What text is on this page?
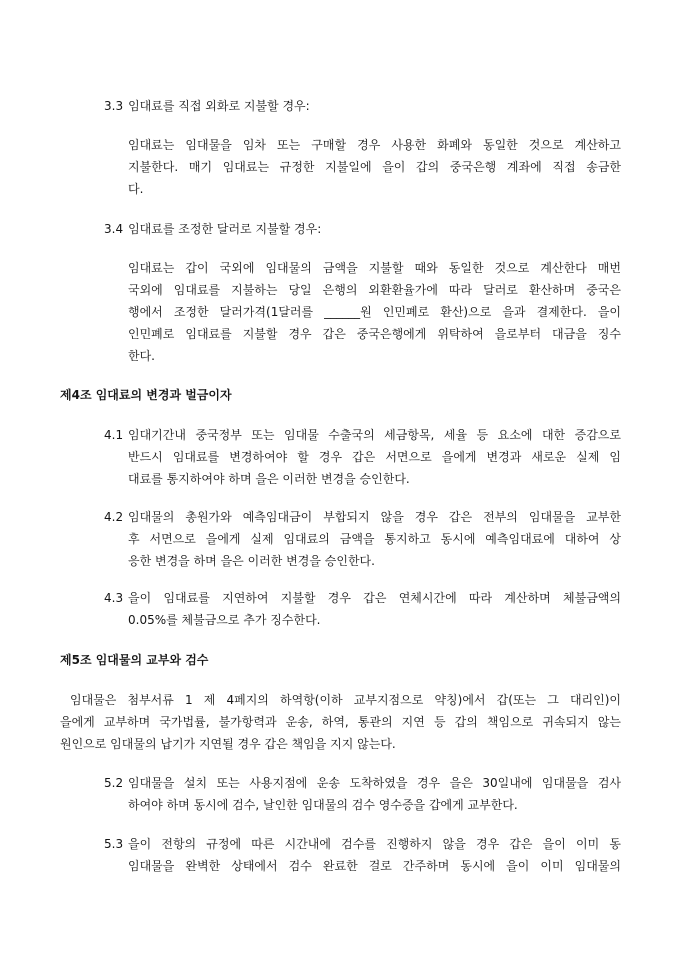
3.3 임대료를 직접 외화로 지불할 경우:
임대료는 임대물을 임차 또는 구매할 경우 사용한 화폐와 동일한 것으로 계산하고
지불한다. 매기 임대료는 규정한 지불일에 을이 갑의 중국은행 계좌에 직접 송금한
다.
3.4 임대료를 조정한 달러로 지불할 경우:
임대료는 갑이 국외에 임대물의 금액을 지불할 때와 동일한 것으로 계산한다 매번
국외에 임대료를 지불하는 당일 은행의 외환환율가에 따라 달러로 환산하며 중국은
행에서 조정한 달러가격(1달러를 ______원 인민폐로 환산)으로 을과 결제한다. 을이
인민폐로 임대료를 지불할 경우 갑은 중국은행에게 위탁하여 을로부터 대금을 징수
한다.
제4조 임대료의 변경과 벌금이자
4.1 임대기간내 중국정부 또는 임대물 수출국의 세금항목, 세율 등 요소에 대한 증감으로
반드시 임대료를 변경하여야 할 경우 갑은 서면으로 을에게 변경과 새로운 실제 임
대료를 통지하여야 하며 을은 이러한 변경을 승인한다.
4.2 임대물의 총원가와 예측임대금이 부합되지 않을 경우 갑은 전부의 임대물을 교부한
후 서면으로 을에게 실제 임대료의 금액을 통지하고 동시에 예측임대료에 대하여 상
응한 변경을 하며 을은 이러한 변경을 승인한다.
4.3 을이 임대료를 지연하여 지불할 경우 갑은 연체시간에 따라 계산하며 체불금액의
0.05%를 체불금으로 추가 징수한다.
제5조 임대물의 교부와 검수
임대물은 첨부서류 1 제 4페지의 하역항(이하 교부지점으로 약칭)에서 갑(또는 그 대리인)이
을에게 교부하며 국가법률, 불가항력과 운송, 하역, 통관의 지연 등 갑의 책임으로 귀속되지 않는
원인으로 임대물의 납기가 지연될 경우 갑은 책임을 지지 않는다.
5.2 임대물을 설치 또는 사용지점에 운송 도착하였을 경우 을은 30일내에 임대물을 검사
하여야 하며 동시에 검수, 날인한 임대물의 검수 영수증을 갑에게 교부한다.
5.3 을이 전항의 규정에 따른 시간내에 검수를 진행하지 않을 경우 갑은 을이 이미 동
임대물을 완벽한 상태에서 검수 완료한 걸로 간주하며 동시에 을이 이미 임대물의
